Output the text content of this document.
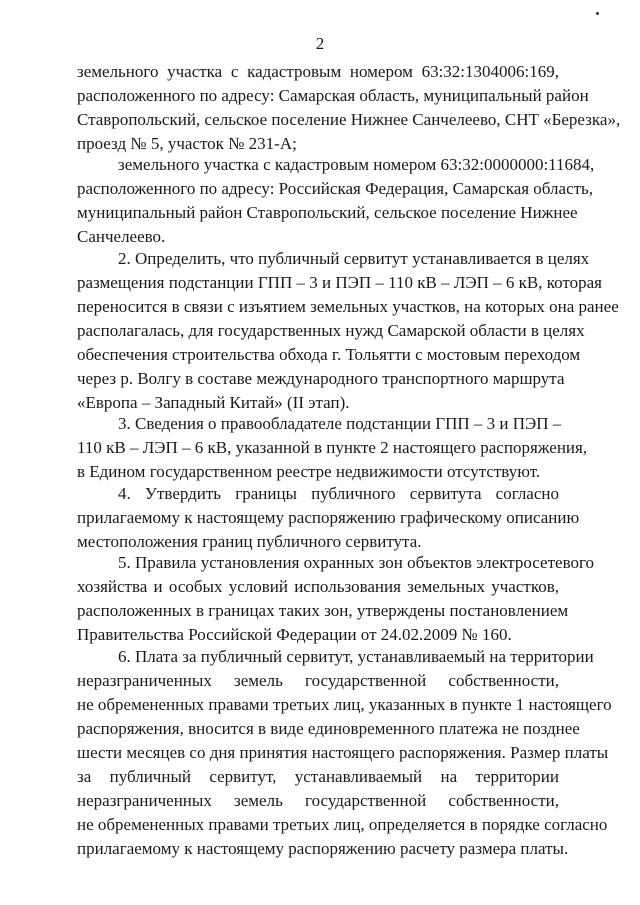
2
земельного участка с кадастровым номером 63:32:1304006:169,
расположенного по адресу: Самарская область, муниципальный район
Ставропольский, сельское поселение Нижнее Санчелеево, СНТ «Березка»,
проезд № 5, участок № 231-А;
земельного участка с кадастровым номером 63:32:0000000:11684,
расположенного по адресу: Российская Федерация, Самарская область,
муниципальный район Ставропольский, сельское поселение Нижнее
Санчелеево.
2. Определить, что публичный сервитут устанавливается в целях
размещения подстанции ГПП – 3 и ПЭП – 110 кВ – ЛЭП – 6 кВ, которая
переносится в связи с изъятием земельных участков, на которых она ранее
располагалась, для государственных нужд Самарской области в целях
обеспечения строительства обхода г. Тольятти с мостовым переходом
через р. Волгу в составе международного транспортного маршрута
«Европа – Западный Китай» (II этап).
3. Сведения о правообладателе подстанции ГПП – 3 и ПЭП –
110 кВ – ЛЭП – 6 кВ, указанной в пункте 2 настоящего распоряжения,
в Едином государственном реестре недвижимости отсутствуют.
4. Утвердить границы публичного сервитута согласно
прилагаемому к настоящему распоряжению графическому описанию
местоположения границ публичного сервитута.
5. Правила установления охранных зон объектов электросетевого
хозяйства и особых условий использования земельных участков,
расположенных в границах таких зон, утверждены постановлением
Правительства Российской Федерации от 24.02.2009 № 160.
6. Плата за публичный сервитут, устанавливаемый на территории
неразграниченных земель государственной собственности,
не обремененных правами третьих лиц, указанных в пункте 1 настоящего
распоряжения, вносится в виде единовременного платежа не позднее
шести месяцев со дня принятия настоящего распоряжения. Размер платы
за публичный сервитут, устанавливаемый на территории
неразграниченных земель государственной собственности,
не обремененных правами третьих лиц, определяется в порядке согласно
прилагаемому к настоящему распоряжению расчету размера платы.
